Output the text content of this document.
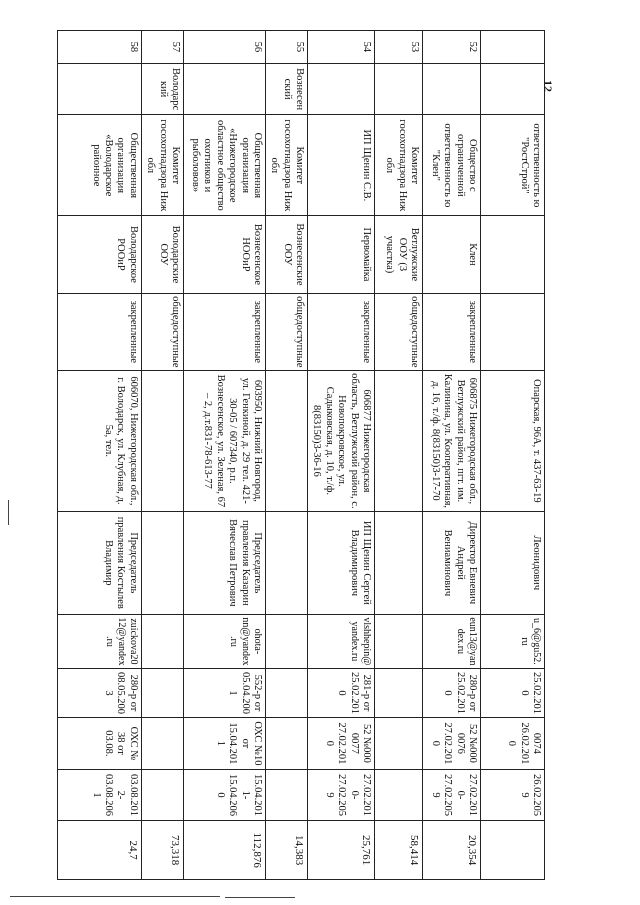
12
		ответственность ю "РостСтрой"			Опарская, 96А, т. 437-63-19	Леонидович	u_6@gu52.ru	25.02.2010	0074 26.02.2010	26.02.2059	
52		Общество с ограниченной ответственность ю "Клен"	Клен	закрепленные	606875 Нижегородская обл., Ветлужский район, пгт. им. Калинина, ул. Кооперативная, д. 16, т./ф. 8(83150)3-17-70	Директор Евневич Андрей Вениаминович	eun13@yandex.ru	280-р от 25.02.2010	52 №000 0076 27.02.2010	27.02.2010-27.02.2059	20,354
53		Комитет госохотнадзора Ниж обл	Ветлужские ООУ (3 участка)	общедоступные							58,414
54		ИП Щенин С.В.	Первомайка	закрепленные	606877 Нижегородская область, Ветлужский район, с. Новопокровское, ул. Садыковская, д. 10, т./ф. 8(83150)3-36-16	ИП Щенин Сергей Владимирович	vlshhepin@yandex.ru	281-р от 25.02.2010	52 №000 0077 27.02.2010	27.02.2010-27.02.2059	25,761
55	Вознесенский	Комитет госохотнадзора Ниж обл	Вознесенские ООУ	общедоступные							14,383
56		Общественная организация «Нижегородское областное общество охотников и рыболовов»	Вознесенское НООиР	закрепленные	603950, Нижний Новгород, ул. Генкиной, д. 29 тел. 421-30-05 / 607340, р.п. Вознесенское, ул. Зеленая, 67 – 2, д.т.831-78-613-77	Председатель правления Казарин Вячеслав Петрович	ohota-nn@yandex.ru	552-р от 05.04.2001	ОХС №10 от 15.04.2011	15.04.2011-15.04.2060	112,876
57	Володарский	Комитет госохотнадзора Ниж обл	Володарские ООУ	общедоступные							73,318
58		Общественная организация «Володарское районное	Володарское РООиР	закрепленные	606070, Нижегородская обл., г. Володарск, ул. Клубная, д. 5а, тел.	Председатель правления Костылев Владимир	zuickova2012@yandex.ru	280-р от 08.05.2003	ОХС № 38 от 03.08.	03.08.2012-03.08.2061	24,7
